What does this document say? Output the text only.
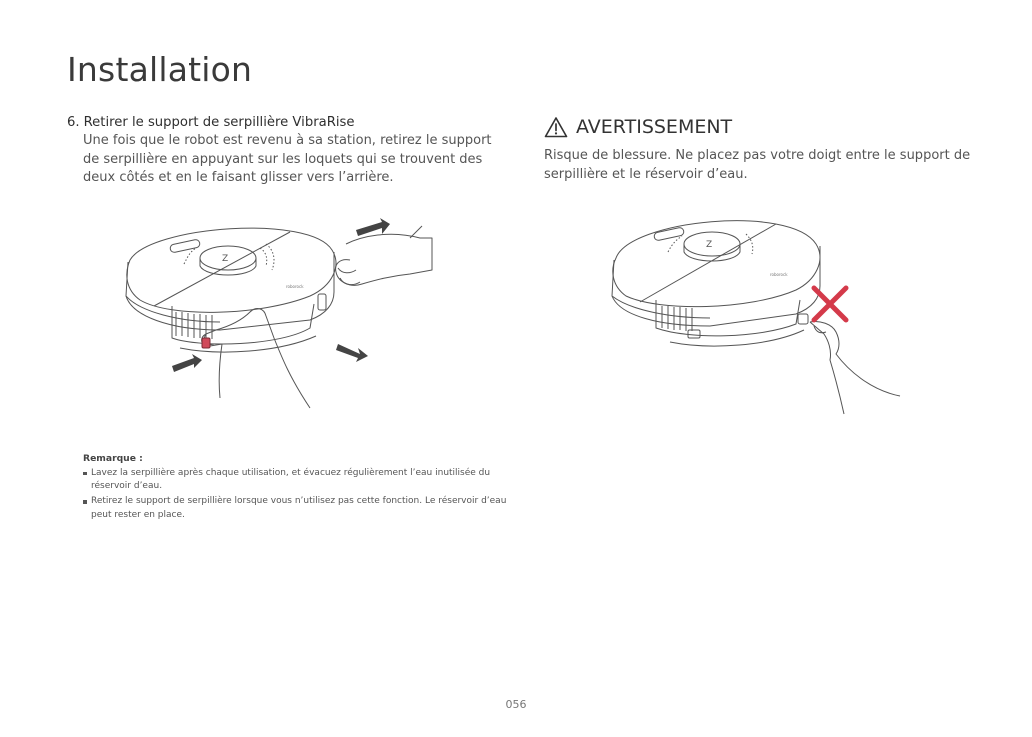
Installation
6. Retirer le support de serpillière VibraRise
Une fois que le robot est revenu à sa station, retirez le support de serpillière en appuyant sur les loquets qui se trouvent des deux côtés et en le faisant glisser vers l’arrière.
AVERTISSEMENT
Risque de blessure. Ne placez pas votre doigt entre le support de serpillière et le réservoir d’eau.
Z
roborock
Z
roborock
Remarque :
Lavez la serpillière après chaque utilisation, et évacuez régulièrement l’eau inutilisée du réservoir d’eau.
Retirez le support de serpillière lorsque vous n’utilisez pas cette fonction. Le réservoir d’eau peut rester en place.
056
